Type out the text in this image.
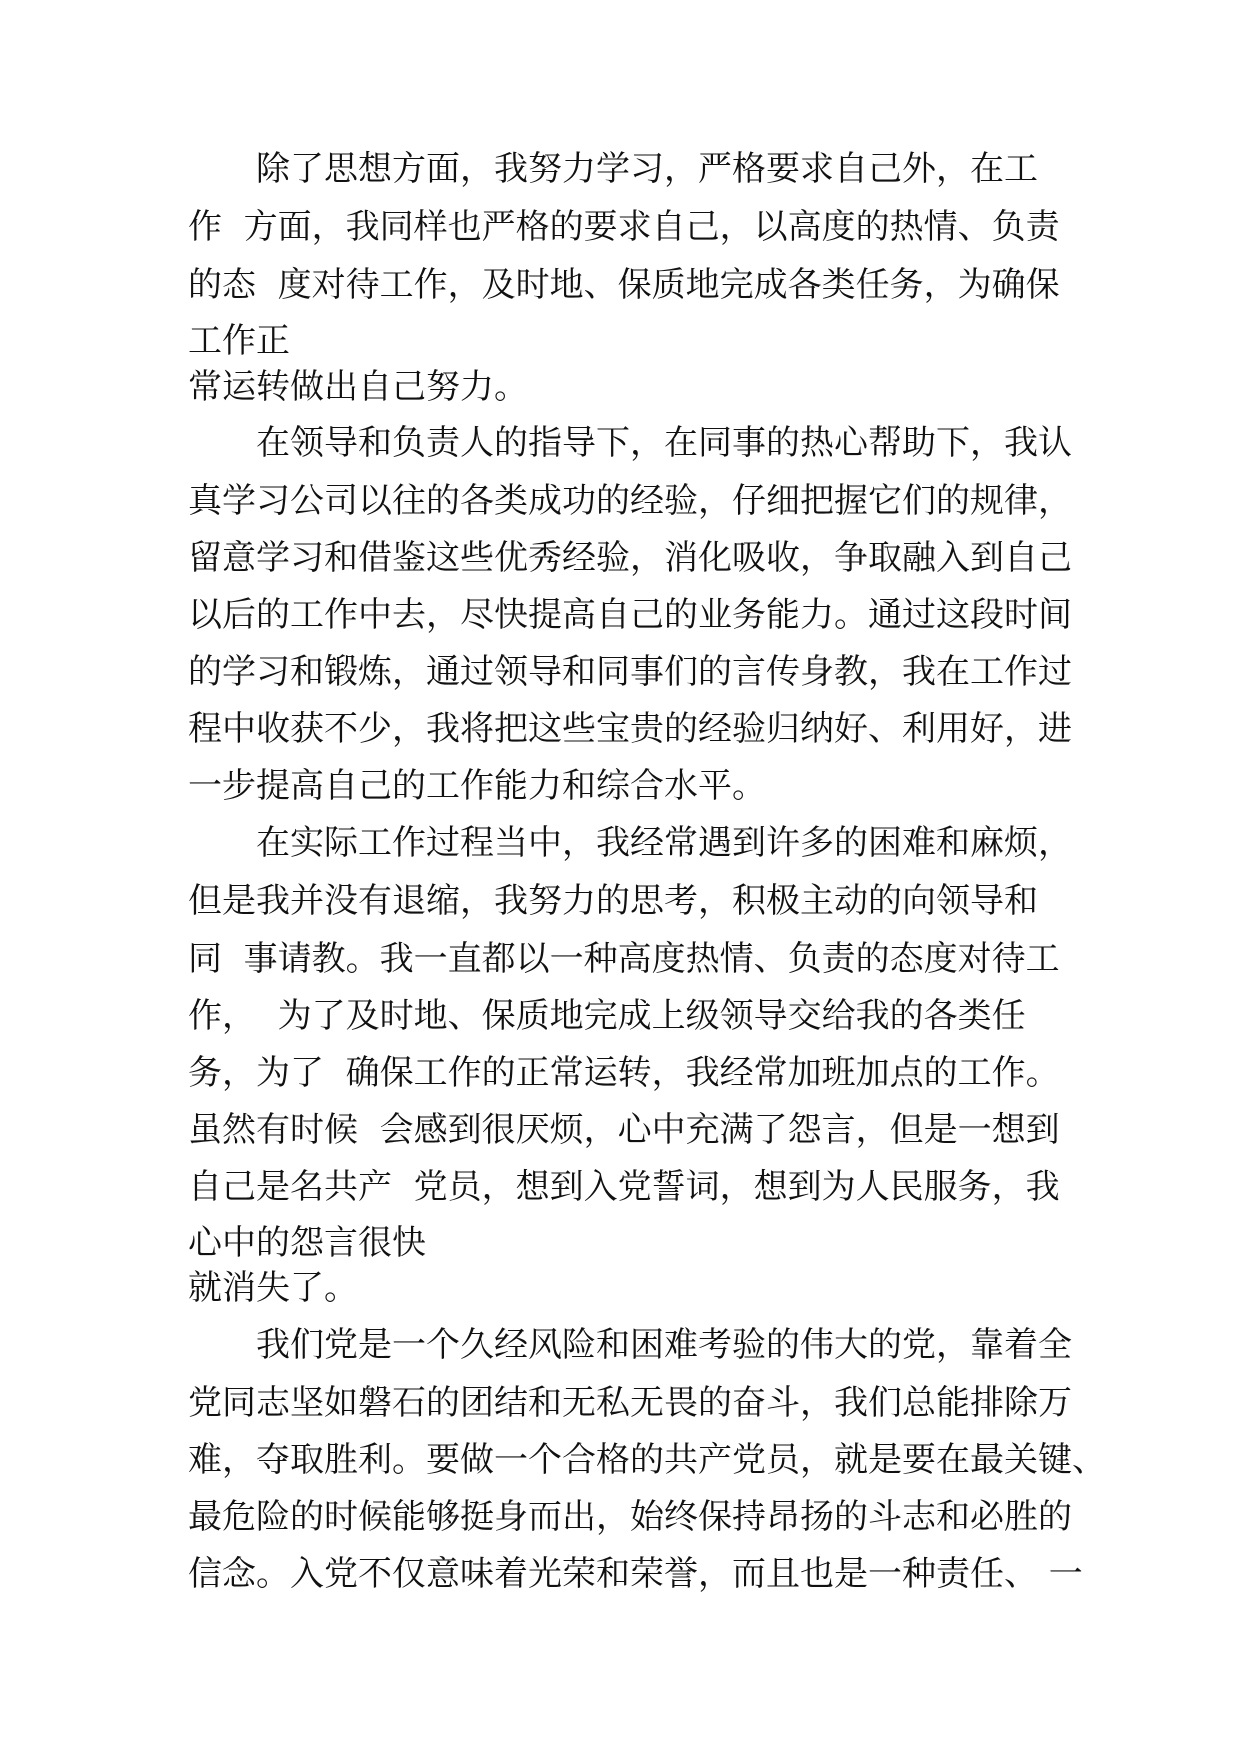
除了思想方面，我努力学习，严格要求自己外，在工
作  方面，我同样也严格的要求自己，以高度的热情、负责
的态  度对待工作，及时地、保质地完成各类任务，为确保
工作正
常运转做出自己努力。
在领导和负责人的指导下，在同事的热心帮助下，我认
真学习公司以往的各类成功的经验，仔细把握它们的规律，
留意学习和借鉴这些优秀经验，消化吸收，争取融入到自己
以后的工作中去，尽快提高自己的业务能力。通过这段时间
的学习和锻炼，通过领导和同事们的言传身教，我在工作过
程中收获不少，我将把这些宝贵的经验归纳好、利用好，进
一步提高自己的工作能力和综合水平。
在实际工作过程当中，我经常遇到许多的困难和麻烦，
但是我并没有退缩，我努力的思考，积极主动的向领导和
同  事请教。我一直都以一种高度热情、负责的态度对待工
作，  为了及时地、保质地完成上级领导交给我的各类任
务，为了  确保工作的正常运转，我经常加班加点的工作。
虽然有时候  会感到很厌烦，心中充满了怨言，但是一想到
自己是名共产  党员，想到入党誓词，想到为人民服务，我
心中的怨言很快
就消失了。
我们党是一个久经风险和困难考验的伟大的党，靠着全
党同志坚如磐石的团结和无私无畏的奋斗，我们总能排除万
难，夺取胜利。要做一个合格的共产党员，就是要在最关键、
最危险的时候能够挺身而出，始终保持昂扬的斗志和必胜的
信念。入党不仅意味着光荣和荣誉，而且也是一种责任、 一
